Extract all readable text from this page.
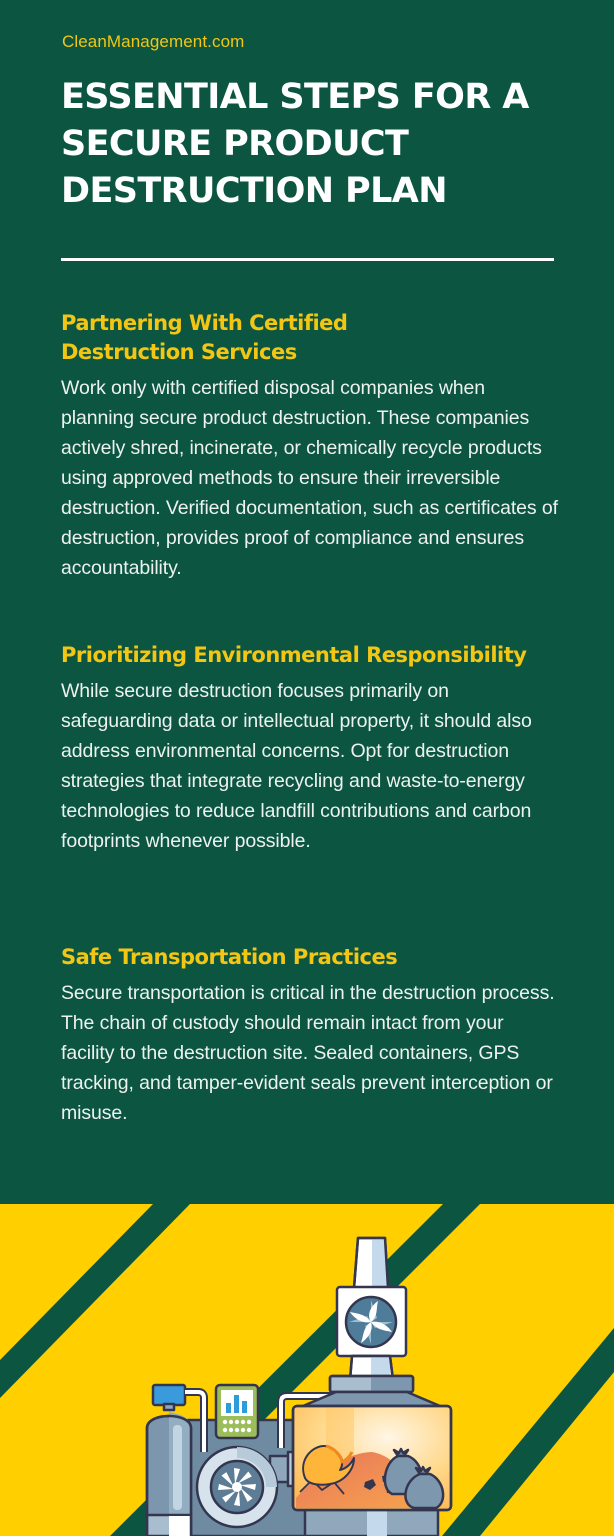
CleanManagement.com
ESSENTIAL STEPS FOR A SECURE PRODUCT DESTRUCTION PLAN
Partnering With Certified Destruction Services

Work only with certified disposal companies when planning secure product destruction. These companies actively shred, incinerate, or chemically recycle products using approved methods to ensure their irreversible destruction. Verified documentation, such as certificates of destruction, provides proof of compliance and ensures accountability.

Prioritizing Environmental Responsibility

While secure destruction focuses primarily on safeguarding data or intellectual property, it should also address environmental concerns. Opt for destruction strategies that integrate recycling and waste-to-energy technologies to reduce landfill contributions and carbon footprints whenever possible.

Safe Transportation Practices

Secure transportation is critical in the destruction process. The chain of custody should remain intact from your facility to the destruction site. Sealed containers, GPS tracking, and tamper-evident seals prevent interception or misuse.
